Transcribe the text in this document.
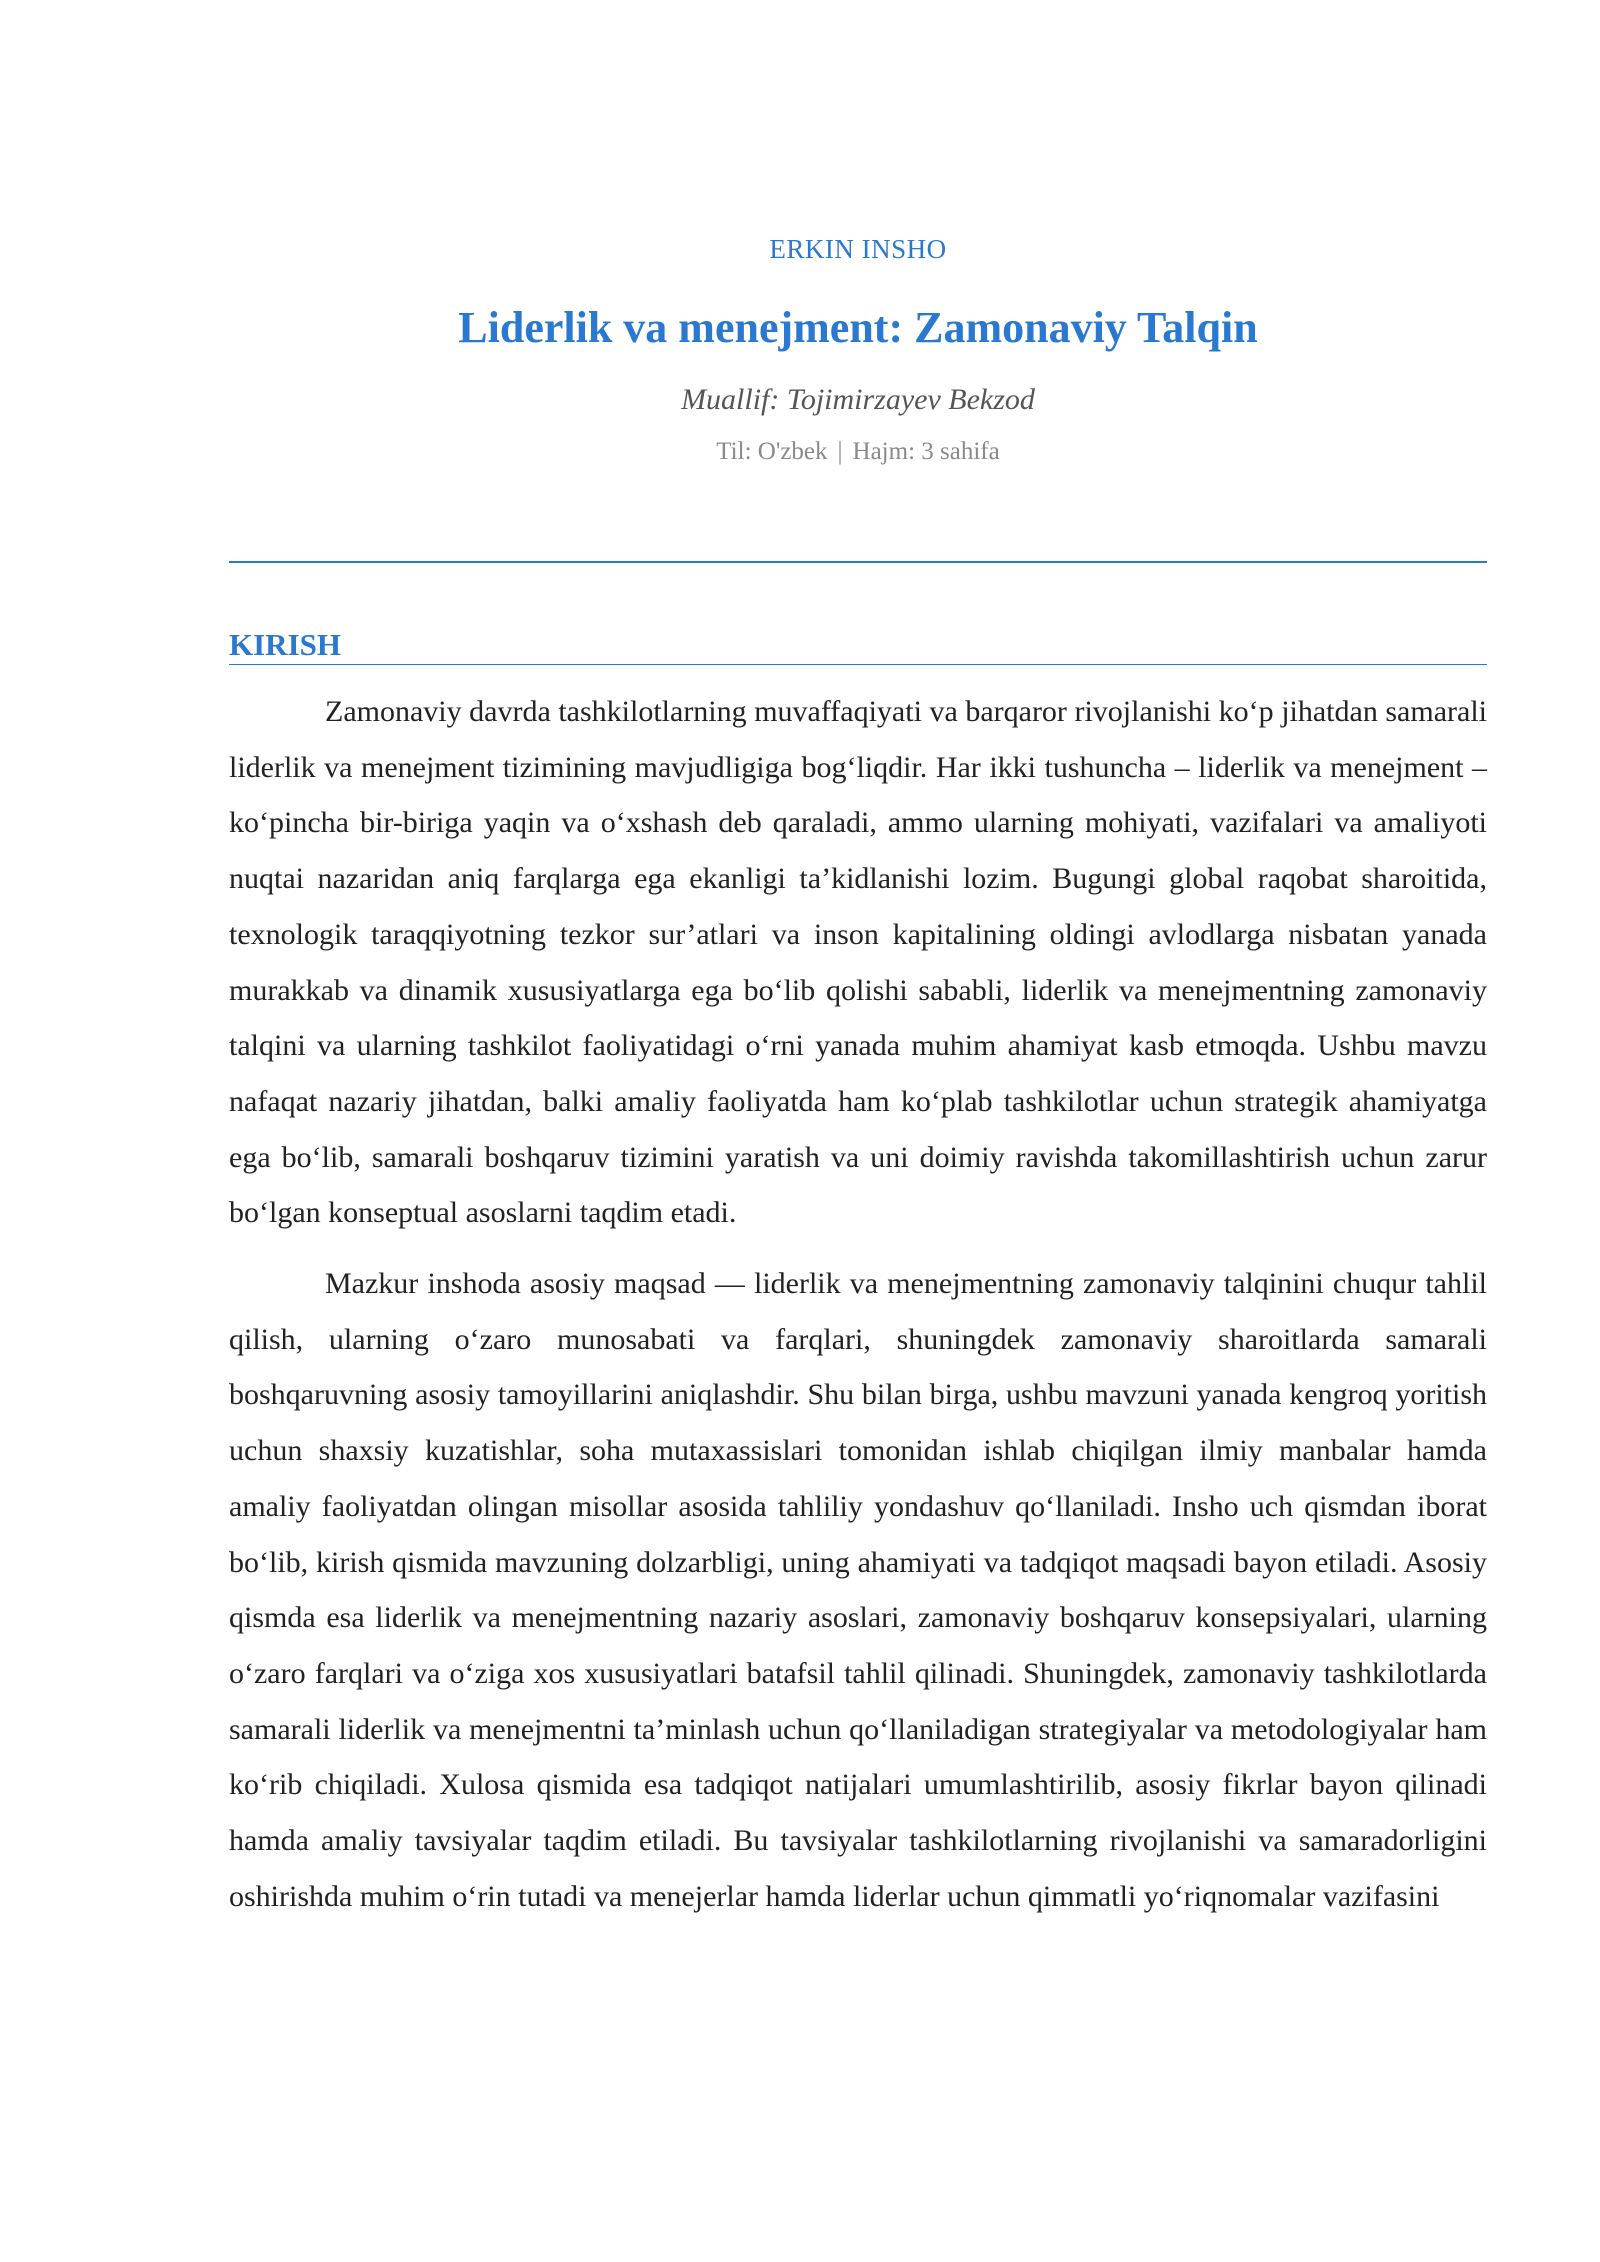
ERKIN INSHO
Liderlik va menejment: Zamonaviy Talqin
Muallif: Tojimirzayev Bekzod
Til: O'zbek | Hajm: 3 sahifa
KIRISH

Zamonaviy davrda tashkilotlarning muvaffaqiyati va barqaror rivojlanishi ko‘p jihatdan samarali liderlik va menejment tizimining mavjudligiga bog‘liqdir. Har ikki tushuncha – liderlik va menejment – ko‘pincha bir-biriga yaqin va o‘xshash deb qaraladi, ammo ularning mohiyati, vazifalari va amaliyoti nuqtai nazaridan aniq farqlarga ega ekanligi ta’kidlanishi lozim. Bugungi global raqobat sharoitida, texnologik taraqqiyotning tezkor sur’atlari va inson kapitalining oldingi avlodlarga nisbatan yanada murakkab va dinamik xususiyatlarga ega bo‘lib qolishi sababli, liderlik va menejmentning zamonaviy talqini va ularning tashkilot faoliyatidagi o‘rni yanada muhim ahamiyat kasb etmoqda. Ushbu mavzu nafaqat nazariy jihatdan, balki amaliy faoliyatda ham ko‘plab tashkilotlar uchun strategik ahamiyatga ega bo‘lib, samarali boshqaruv tizimini yaratish va uni doimiy ravishda takomillashtirish uchun zarur bo‘lgan konseptual asoslarni taqdim etadi.

Mazkur inshoda asosiy maqsad — liderlik va menejmentning zamonaviy talqinini chuqur tahlil qilish, ularning o‘zaro munosabati va farqlari, shuningdek zamonaviy sharoitlarda samarali boshqaruvning asosiy tamoyillarini aniqlashdir. Shu bilan birga, ushbu mavzuni yanada kengroq yoritish uchun shaxsiy kuzatishlar, soha mutaxassislari tomonidan ishlab chiqilgan ilmiy manbalar hamda amaliy faoliyatdan olingan misollar asosida tahliliy yondashuv qo‘llaniladi. Insho uch qismdan iborat bo‘lib, kirish qismida mavzuning dolzarbligi, uning ahamiyati va tadqiqot maqsadi bayon etiladi. Asosiy qismda esa liderlik va menejmentning nazariy asoslari, zamonaviy boshqaruv konsepsiyalari, ularning o‘zaro farqlari va o‘ziga xos xususiyatlari batafsil tahlil qilinadi. Shuningdek, zamonaviy tashkilotlarda samarali liderlik va menejmentni ta’minlash uchun qo‘llaniladigan strategiyalar va metodologiyalar ham ko‘rib chiqiladi. Xulosa qismida esa tadqiqot natijalari umumlashtirilib, asosiy fikrlar bayon qilinadi hamda amaliy tavsiyalar taqdim etiladi. Bu tavsiyalar tashkilotlarning rivojlanishi va samaradorligini oshirishda muhim o‘rin tutadi va menejerlar hamda liderlar uchun qimmatli yo‘riqnomalar vazifasini
